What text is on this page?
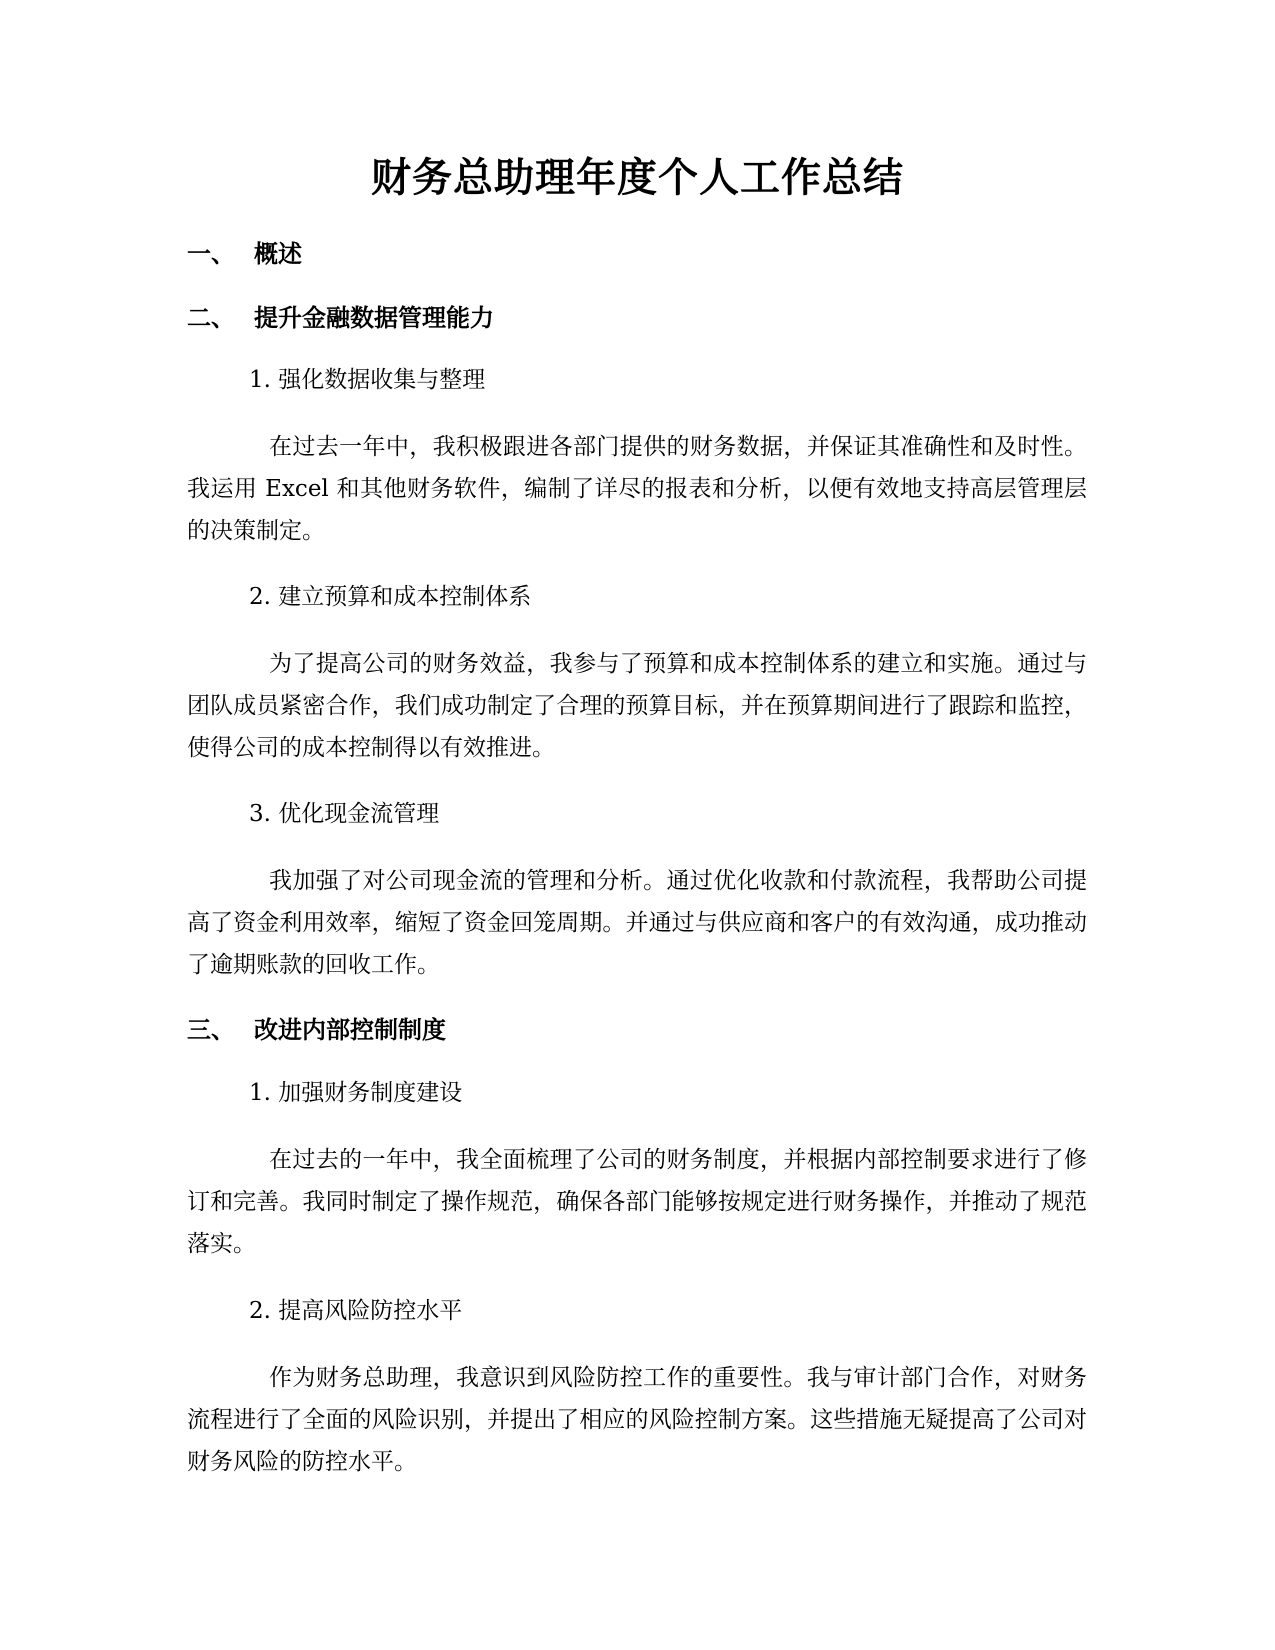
财务总助理年度个人工作总结
一、 概述
二、 提升金融数据管理能力
1. 强化数据收集与整理

在过去一年中，我积极跟进各部门提供的财务数据，并保证其准确性和及时性。我运用 Excel 和其他财务软件，编制了详尽的报表和分析，以便有效地支持高层管理层的决策制定。

2. 建立预算和成本控制体系

为了提高公司的财务效益，我参与了预算和成本控制体系的建立和实施。通过与团队成员紧密合作，我们成功制定了合理的预算目标，并在预算期间进行了跟踪和监控，使得公司的成本控制得以有效推进。

3. 优化现金流管理

我加强了对公司现金流的管理和分析。通过优化收款和付款流程，我帮助公司提高了资金利用效率，缩短了资金回笼周期。并通过与供应商和客户的有效沟通，成功推动了逾期账款的回收工作。

三、 改进内部控制制度
1. 加强财务制度建设

在过去的一年中，我全面梳理了公司的财务制度，并根据内部控制要求进行了修订和完善。我同时制定了操作规范，确保各部门能够按规定进行财务操作，并推动了规范落实。

2. 提高风险防控水平

作为财务总助理，我意识到风险防控工作的重要性。我与审计部门合作，对财务流程进行了全面的风险识别，并提出了相应的风险控制方案。这些措施无疑提高了公司对财务风险的防控水平。
